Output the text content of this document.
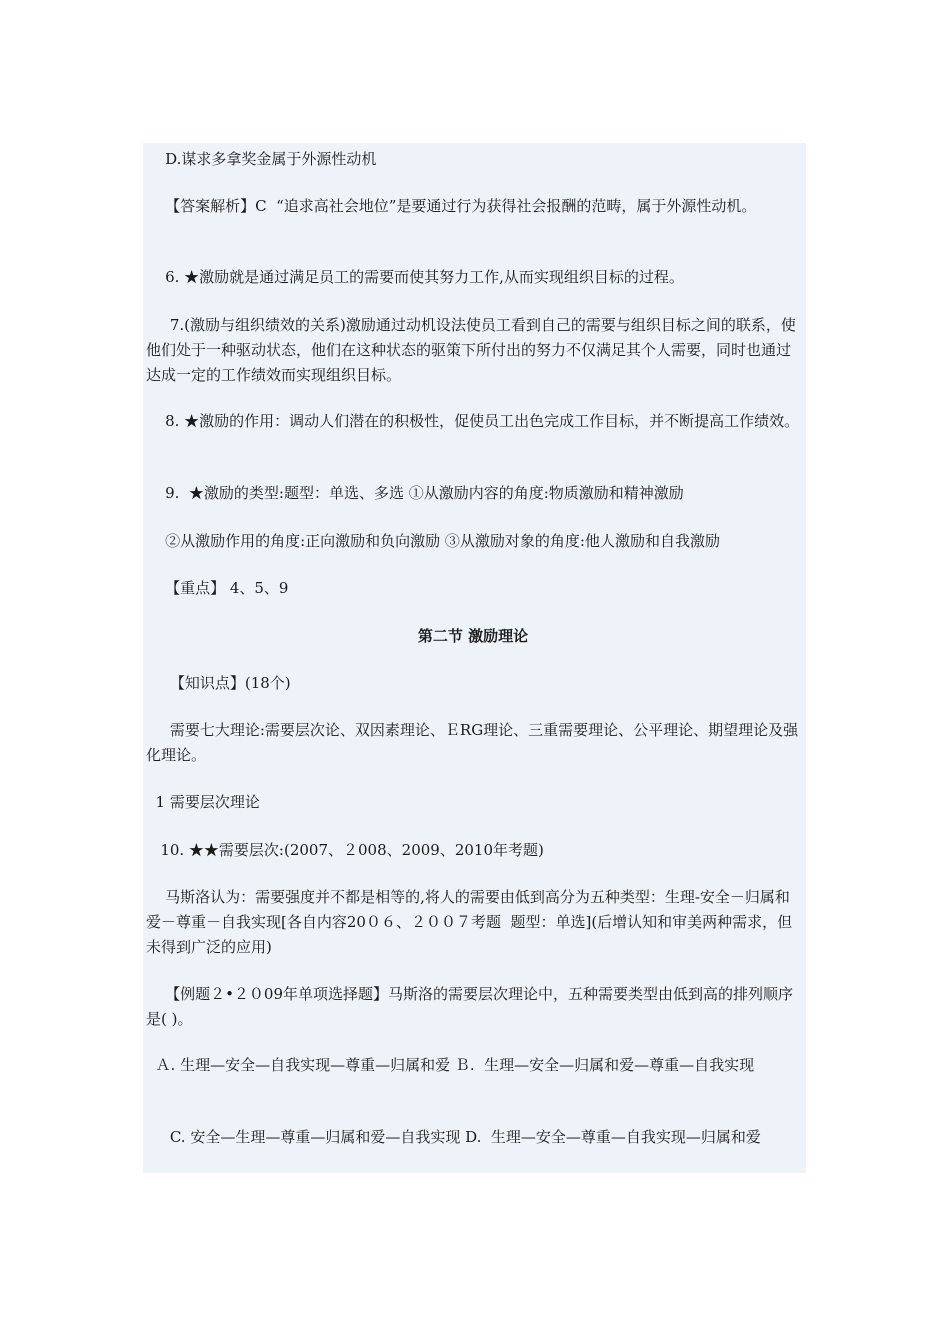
D.谋求多拿奖金属于外源性动机
【答案解析】C  “追求高社会地位”是要通过行为获得社会报酬的范畴，属于外源性动机。
6. ★激励就是通过满足员工的需要而使其努力工作,从而实现组织目标的过程。
7.(激励与组织绩效的关系)激励通过动机设法使员工看到自己的需要与组织目标之间的联系，使他们处于一种驱动状态，他们在这种状态的驱策下所付出的努力不仅满足其个人需要，同时也通过达成一定的工作绩效而实现组织目标。
8. ★激励的作用：调动人们潜在的积极性，促使员工出色完成工作目标，并不断提高工作绩效。
9.  ★激励的类型:题型：单选、多选 ①从激励内容的角度:物质激励和精神激励
②从激励作用的角度:正向激励和负向激励 ③从激励对象的角度:他人激励和自我激励
【重点】 4、5、9
第二节 激励理论
【知识点】(18个)
需要七大理论:需要层次论、双因素理论、ＥRG理论、三重需要理论、公平理论、期望理论及强化理论。
1 需要层次理论
10. ★★需要层次:(2007、２008、2009、2010年考题)
马斯洛认为：需要强度并不都是相等的,将人的需要由低到高分为五种类型：生理-安全－归属和爱－尊重－自我实现[各自内容20０６、２００７考题  题型：单选](后增认知和审美两种需求，但未得到广泛的应用)
【例题２•２０09年单项选择题】马斯洛的需要层次理论中，五种需要类型由低到高的排列顺序是( )。
Ａ. 生理—安全—自我实现—尊重—归属和爱 Ｂ.  生理—安全—归属和爱—尊重—自我实现
C. 安全—生理—尊重—归属和爱—自我实现 D.  生理—安全—尊重—自我实现—归属和爱
